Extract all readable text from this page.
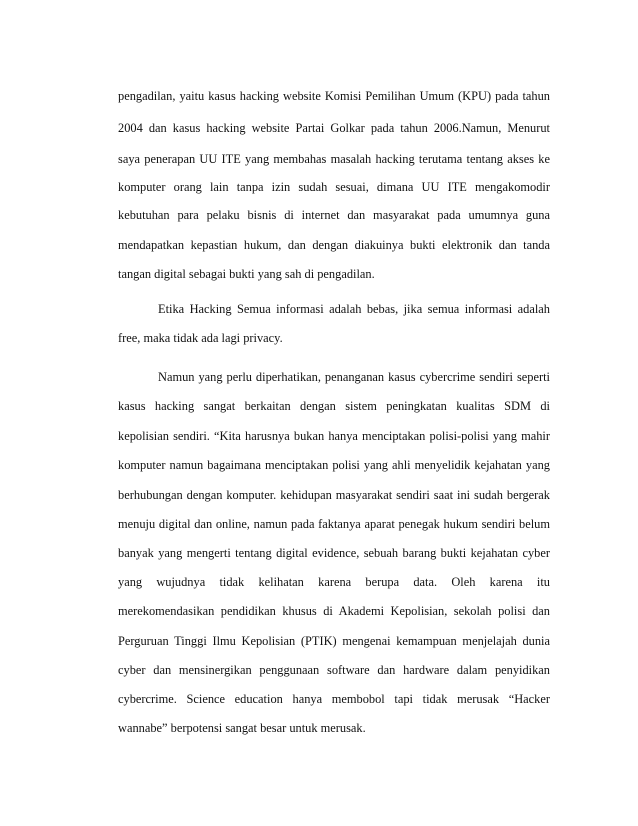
pengadilan, yaitu kasus hacking website Komisi Pemilihan Umum (KPU) pada tahun
2004 dan kasus hacking website Partai Golkar pada tahun 2006.Namun, Menurut
saya penerapan UU ITE yang membahas masalah hacking terutama tentang akses ke
komputer orang lain tanpa izin sudah sesuai, dimana UU ITE mengakomodir
kebutuhan para pelaku bisnis di internet dan masyarakat pada umumnya guna
mendapatkan kepastian hukum, dan dengan diakuinya bukti elektronik dan tanda
tangan digital sebagai bukti yang sah di pengadilan.
Etika Hacking Semua informasi adalah bebas, jika semua informasi adalah
free, maka tidak ada lagi privacy.
Namun yang perlu diperhatikan, penanganan kasus cybercrime sendiri seperti
kasus hacking sangat berkaitan dengan sistem peningkatan kualitas SDM di
kepolisian sendiri. “Kita harusnya bukan hanya menciptakan polisi-polisi yang mahir
komputer namun bagaimana menciptakan polisi yang ahli menyelidik kejahatan yang
berhubungan dengan komputer. kehidupan masyarakat sendiri saat ini sudah bergerak
menuju digital dan online, namun pada faktanya aparat penegak hukum sendiri belum
banyak yang mengerti tentang digital evidence, sebuah barang bukti kejahatan cyber
yang wujudnya tidak kelihatan karena berupa data. Oleh karena itu
merekomendasikan pendidikan khusus di Akademi Kepolisian, sekolah polisi dan
Perguruan Tinggi Ilmu Kepolisian (PTIK) mengenai kemampuan menjelajah dunia
cyber dan mensinergikan penggunaan software dan hardware dalam penyidikan
cybercrime. Science education hanya membobol tapi tidak merusak “Hacker
wannabe” berpotensi sangat besar untuk merusak.
